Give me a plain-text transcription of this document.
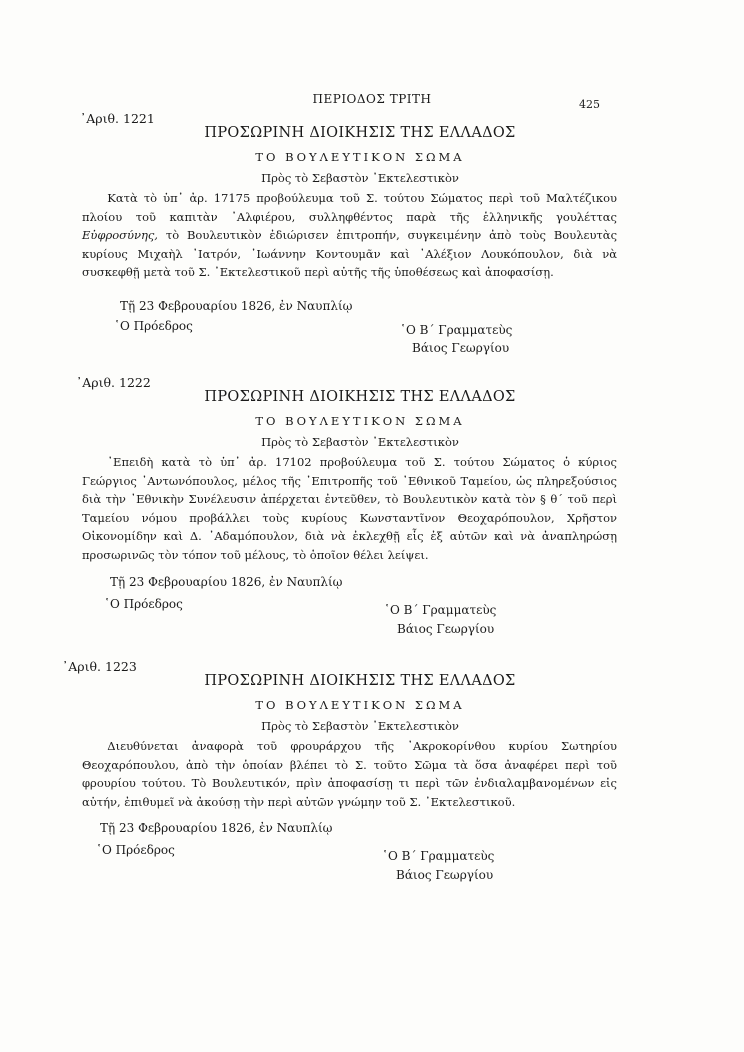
ΠΕΡΙΟΔΟΣ ΤΡΙΤΗ	425
᾽Αριθ. 1221
ΠΡΟΣΩΡΙΝΗ ΔΙΟΙΚΗΣΙΣ ΤΗΣ ΕΛΛΑΔΟΣ
ΤΟ ΒΟΥΛΕΥΤΙΚΟΝ ΣΩΜΑ
Πρὸς τὸ Σεβαστὸν ᾽Εκτελεστικὸν
Κατὰ τὸ ὑπ᾽ ἀρ. 17175 προβούλευμα τοῦ Σ. τούτου Σώματος περὶ τοῦ Μαλτέζικου πλοίου τοῦ καπιτὰν ᾽Αλφιέρου, συλληφθέντος παρὰ τῆς ἑλληνικῆς γουλέττας Εὐφροσύνης, τὸ Βουλευτικὸν ἐδιώρισεν ἐπιτροπήν, συγκειμένην ἀπὸ τοὺς Βουλευτὰς κυρίους Μιχαὴλ ᾽Ιατρόν, ᾽Ιωάννην Κοντουμᾶν καὶ ᾽Αλέξιον Λουκόπουλον, διὰ νὰ συσκεφθῇ μετὰ τοῦ Σ. ᾽Εκτελεστικοῦ περὶ αὐτῆς τῆς ὑποθέσεως καὶ ἀποφασίσῃ.
Τῇ 23 Φεβρουαρίου 1826, ἐν Ναυπλίῳ
῾Ο Πρόεδρος	῾Ο Β΄ Γραμματεὺς
Βάιος Γεωργίου
᾽Αριθ. 1222
ΠΡΟΣΩΡΙΝΗ ΔΙΟΙΚΗΣΙΣ ΤΗΣ ΕΛΛΑΔΟΣ
ΤΟ ΒΟΥΛΕΥΤΙΚΟΝ ΣΩΜΑ
Πρὸς τὸ Σεβαστὸν ᾽Εκτελεστικὸν
᾽Επειδὴ κατὰ τὸ ὑπ᾽ ἀρ. 17102 προβούλευμα τοῦ Σ. τούτου Σώματος ὁ κύριος Γεώργιος ᾽Αντωνόπουλος, μέλος τῆς ᾽Επιτροπῆς τοῦ ᾽Εθνικοῦ Ταμείου, ὡς πληρεξούσιος διὰ τὴν ᾽Εθνικὴν Συνέλευσιν ἀπέρχεται ἐντεῦθεν, τὸ Βουλευτικὸν κατὰ τὸν § θ΄ τοῦ περὶ Ταμείου νόμου προβάλλει τοὺς κυρίους Κωνσταντῖνον Θεοχαρόπουλον, Χρῆστον Οἰκονομίδην καὶ Δ. ᾽Αδαμόπουλον, διὰ νὰ ἐκλεχθῇ εἷς ἐξ αὐτῶν καὶ νὰ ἀναπληρώσῃ προσωρινῶς τὸν τόπον τοῦ μέλους, τὸ ὁποῖον θέλει λείψει.
Τῇ 23 Φεβρουαρίου 1826, ἐν Ναυπλίῳ
῾Ο Πρόεδρος	῾Ο Β΄ Γραμματεὺς
Βάιος Γεωργίου
᾽Αριθ. 1223
ΠΡΟΣΩΡΙΝΗ ΔΙΟΙΚΗΣΙΣ ΤΗΣ ΕΛΛΑΔΟΣ
ΤΟ ΒΟΥΛΕΥΤΙΚΟΝ ΣΩΜΑ
Πρὸς τὸ Σεβαστὸν ᾽Εκτελεστικὸν
Διευθύνεται ἀναφορὰ τοῦ φρουράρχου τῆς ᾽Ακροκορίνθου κυρίου Σωτηρίου Θεοχαρόπουλου, ἀπὸ τὴν ὁποίαν βλέπει τὸ Σ. τοῦτο Σῶμα τὰ ὅσα ἀναφέρει περὶ τοῦ φρουρίου τούτου. Τὸ Βουλευτικόν, πρὶν ἀποφασίσῃ τι περὶ τῶν ἐνδιαλαμβανομένων εἰς αὐτήν, ἐπιθυμεῖ νὰ ἀκούσῃ τὴν περὶ αὐτῶν γνώμην τοῦ Σ. ᾽Εκτελεστικοῦ.
Τῇ 23 Φεβρουαρίου 1826, ἐν Ναυπλίῳ
῾Ο Πρόεδρος	῾Ο Β΄ Γραμματεὺς
Βάιος Γεωργίου
